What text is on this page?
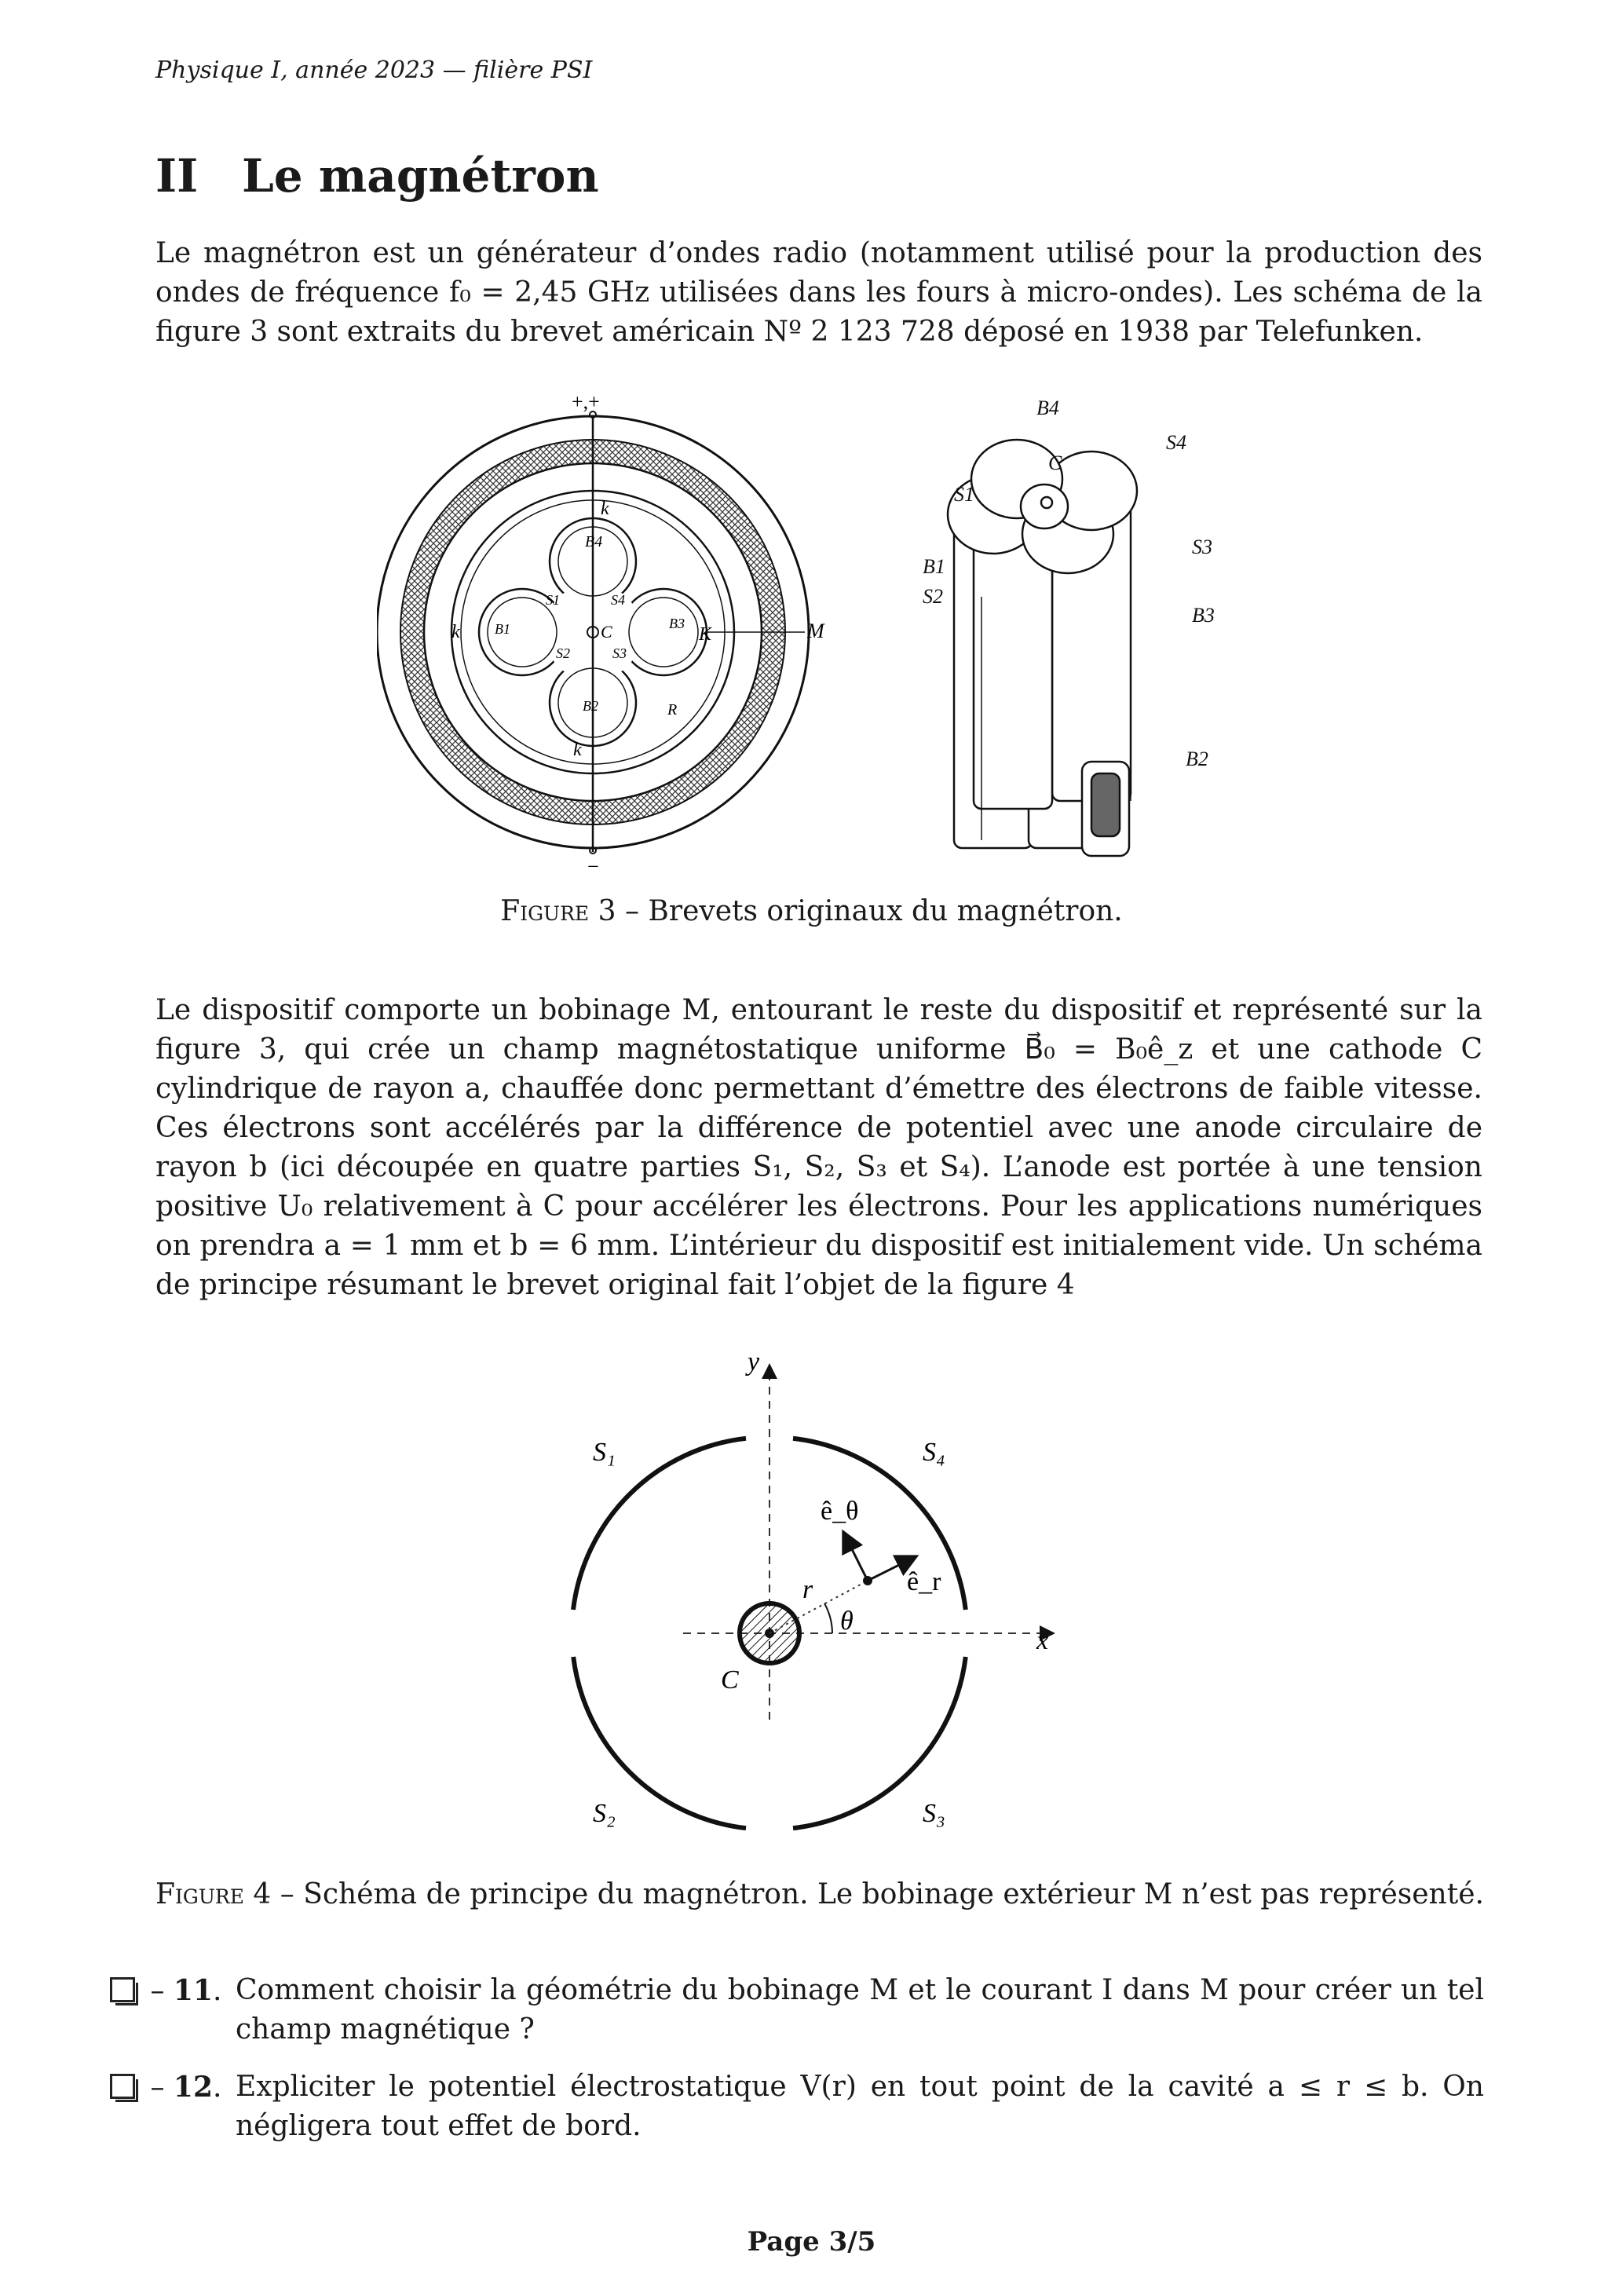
Physique I, année 2023 — filière PSI
II Le magnétron
Le magnétron est un générateur d’ondes radio (notamment utilisé pour la production des ondes de fréquence f₀ = 2,45 GHz utilisées dans les fours à micro-ondes). Les schéma de la figure 3 sont extraits du brevet américain Nº 2 123 728 déposé en 1938 par Telefunken.
+,+
−
k
k
k
B4
S1	S4
C	B3
K
B1
S2	S3
B2
M
R
B4
S4
S1
C
S3
B1
S2
B3
B2
Figure 3 – Brevets originaux du magnétron.
Le dispositif comporte un bobinage M, entourant le reste du dispositif et représenté sur la figure 3, qui crée un champ magnétostatique uniforme B⃗₀ = B₀ê_z et une cathode C cylindrique de rayon a, chauffée donc permettant d’émettre des électrons de faible vitesse. Ces électrons sont accélérés par la différence de potentiel avec une anode circulaire de rayon b (ici découpée en quatre parties S₁, S₂, S₃ et S₄). L’anode est portée à une tension positive U₀ relativement à C pour accélérer les électrons. Pour les applications numériques on prendra a = 1 mm et b = 6 mm. L’intérieur du dispositif est initialement vide. Un schéma de principe résumant le brevet original fait l’objet de la figure 4
y
x
S₁	S₄
S₂	S₃
ê_θ
ê_r
r
θ
C
Figure 4 – Schéma de principe du magnétron. Le bobinage extérieur M n’est pas représenté.
– 11. Comment choisir la géométrie du bobinage M et le courant I dans M pour créer un tel champ magnétique ?
– 12. Expliciter le potentiel électrostatique V(r) en tout point de la cavité a ≤ r ≤ b. On négligera tout effet de bord.
Page 3/5
